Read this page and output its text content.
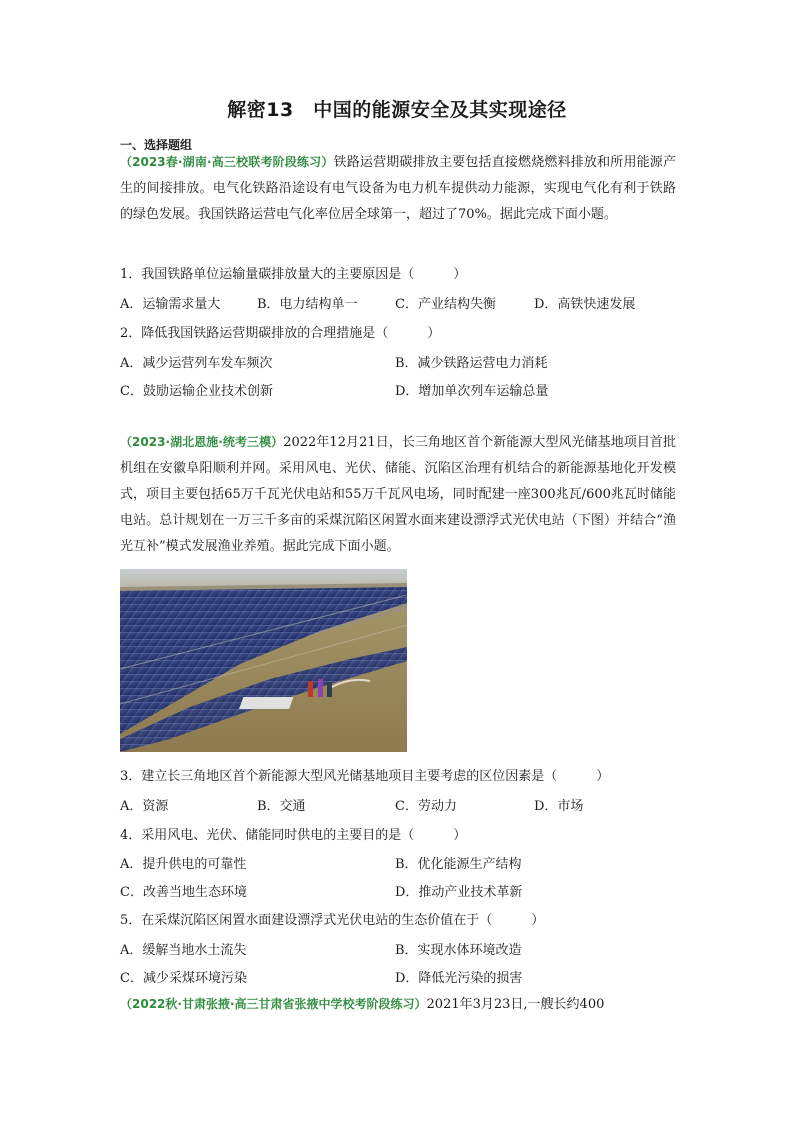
解密13　中国的能源安全及其实现途径
一、选择题组
（2023春·湖南·高三校联考阶段练习）铁路运营期碳排放主要包括直接燃烧燃料排放和所用能源产生的间接排放。电气化铁路沿途设有电气设备为电力机车提供动力能源，实现电气化有利于铁路的绿色发展。我国铁路运营电气化率位居全球第一，超过了70%。据此完成下面小题。
1．我国铁路单位运输量碳排放量大的主要原因是（　　　）
A．运输需求量大	B．电力结构单一	C．产业结构失衡	D．高铁快速发展
2．降低我国铁路运营期碳排放的合理措施是（　　　）
A．减少运营列车发车频次	B．减少铁路运营电力消耗
C．鼓励运输企业技术创新	D．增加单次列车运输总量
（2023·湖北恩施·统考三模）2022年12月21日，长三角地区首个新能源大型风光储基地项目首批机组在安徽阜阳顺利并网。采用风电、光伏、储能、沉陷区治理有机结合的新能源基地化开发模式，项目主要包括65万千瓦光伏电站和55万千瓦风电场，同时配建一座300兆瓦/600兆瓦时储能电站。总计规划在一万三千多亩的采煤沉陷区闲置水面来建设漂浮式光伏电站（下图）并结合“渔光互补”模式发展渔业养殖。据此完成下面小题。
3．建立长三角地区首个新能源大型风光储基地项目主要考虑的区位因素是（　　　）
A．资源	B．交通	C．劳动力	D．市场
4．采用风电、光伏、储能同时供电的主要目的是（　　　）
A．提升供电的可靠性	B．优化能源生产结构
C．改善当地生态环境	D．推动产业技术革新
5．在采煤沉陷区闲置水面建设漂浮式光伏电站的生态价值在于（　　　）
A．缓解当地水土流失	B．实现水体环境改造
C．减少采煤环境污染	D．降低光污染的损害
（2022秋·甘肃张掖·高三甘肃省张掖中学校考阶段练习）2021年3月23日,一艘长约400
